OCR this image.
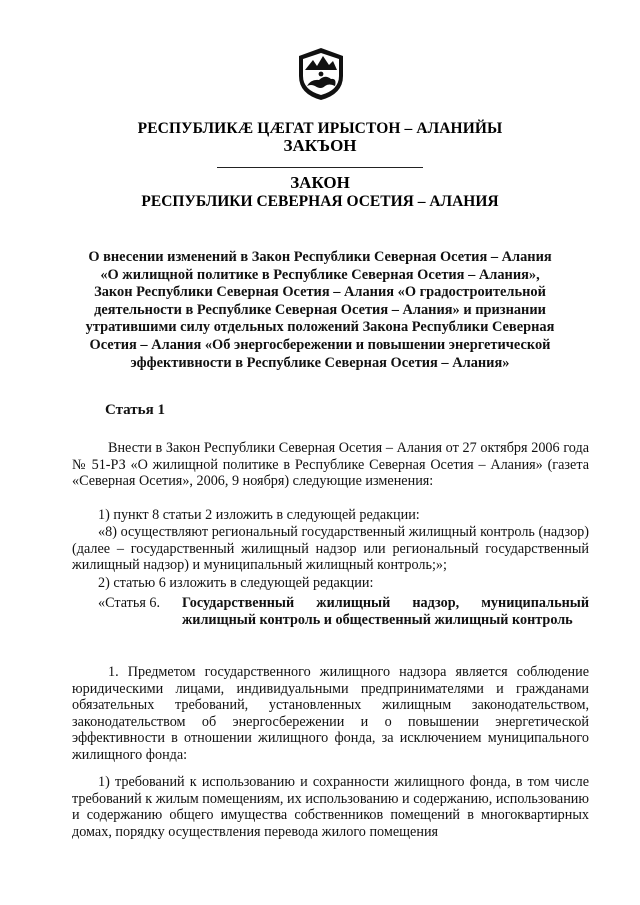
РЕСПУБЛИКӔ ЦӔГАТ ИРЫСТОН – АЛАНИЙЫ
ЗАКЪОН
ЗАКОН
РЕСПУБЛИКИ СЕВЕРНАЯ ОСЕТИЯ – АЛАНИЯ
О внесении изменений в Закон Республики Северная Осетия – Алания
«О жилищной политике в Республике Северная Осетия – Алания»,
Закон Республики Северная Осетия – Алания «О градостроительной
деятельности в Республике Северная Осетия – Алания» и признании
утратившими силу отдельных положений Закона Республики Северная
Осетия – Алания «Об энергосбережении и повышении энергетической
эффективности в Республике Северная Осетия – Алания»
Статья 1
Внести в Закон Республики Северная Осетия – Алания от 27 октября 2006 года № 51-РЗ «О жилищной политике в Республике Северная Осетия – Алания» (газета «Северная Осетия», 2006, 9 ноября) следующие изменения:
1) пункт 8 статьи 2 изложить в следующей редакции:
«8) осуществляют региональный государственный жилищный контроль (надзор) (далее – государственный жилищный надзор или региональный государственный жилищный надзор) и муниципальный жилищный контроль;»;
2) статью 6 изложить в следующей редакции:
«Статья 6.	Государственный жилищный надзор, муниципальный жилищный контроль и общественный жилищный контроль
1. Предметом государственного жилищного надзора является соблюдение юридическими лицами, индивидуальными предпринимателями и гражданами обязательных требований, установленных жилищным законодательством, законодательством об энергосбережении и о повышении энергетической эффективности в отношении жилищного фонда, за исключением муниципального жилищного фонда:
1) требований к использованию и сохранности жилищного фонда, в том числе требований к жилым помещениям, их использованию и содержанию, использованию и содержанию общего имущества собственников помещений в многоквартирных домах, порядку осуществления перевода жилого помещения
